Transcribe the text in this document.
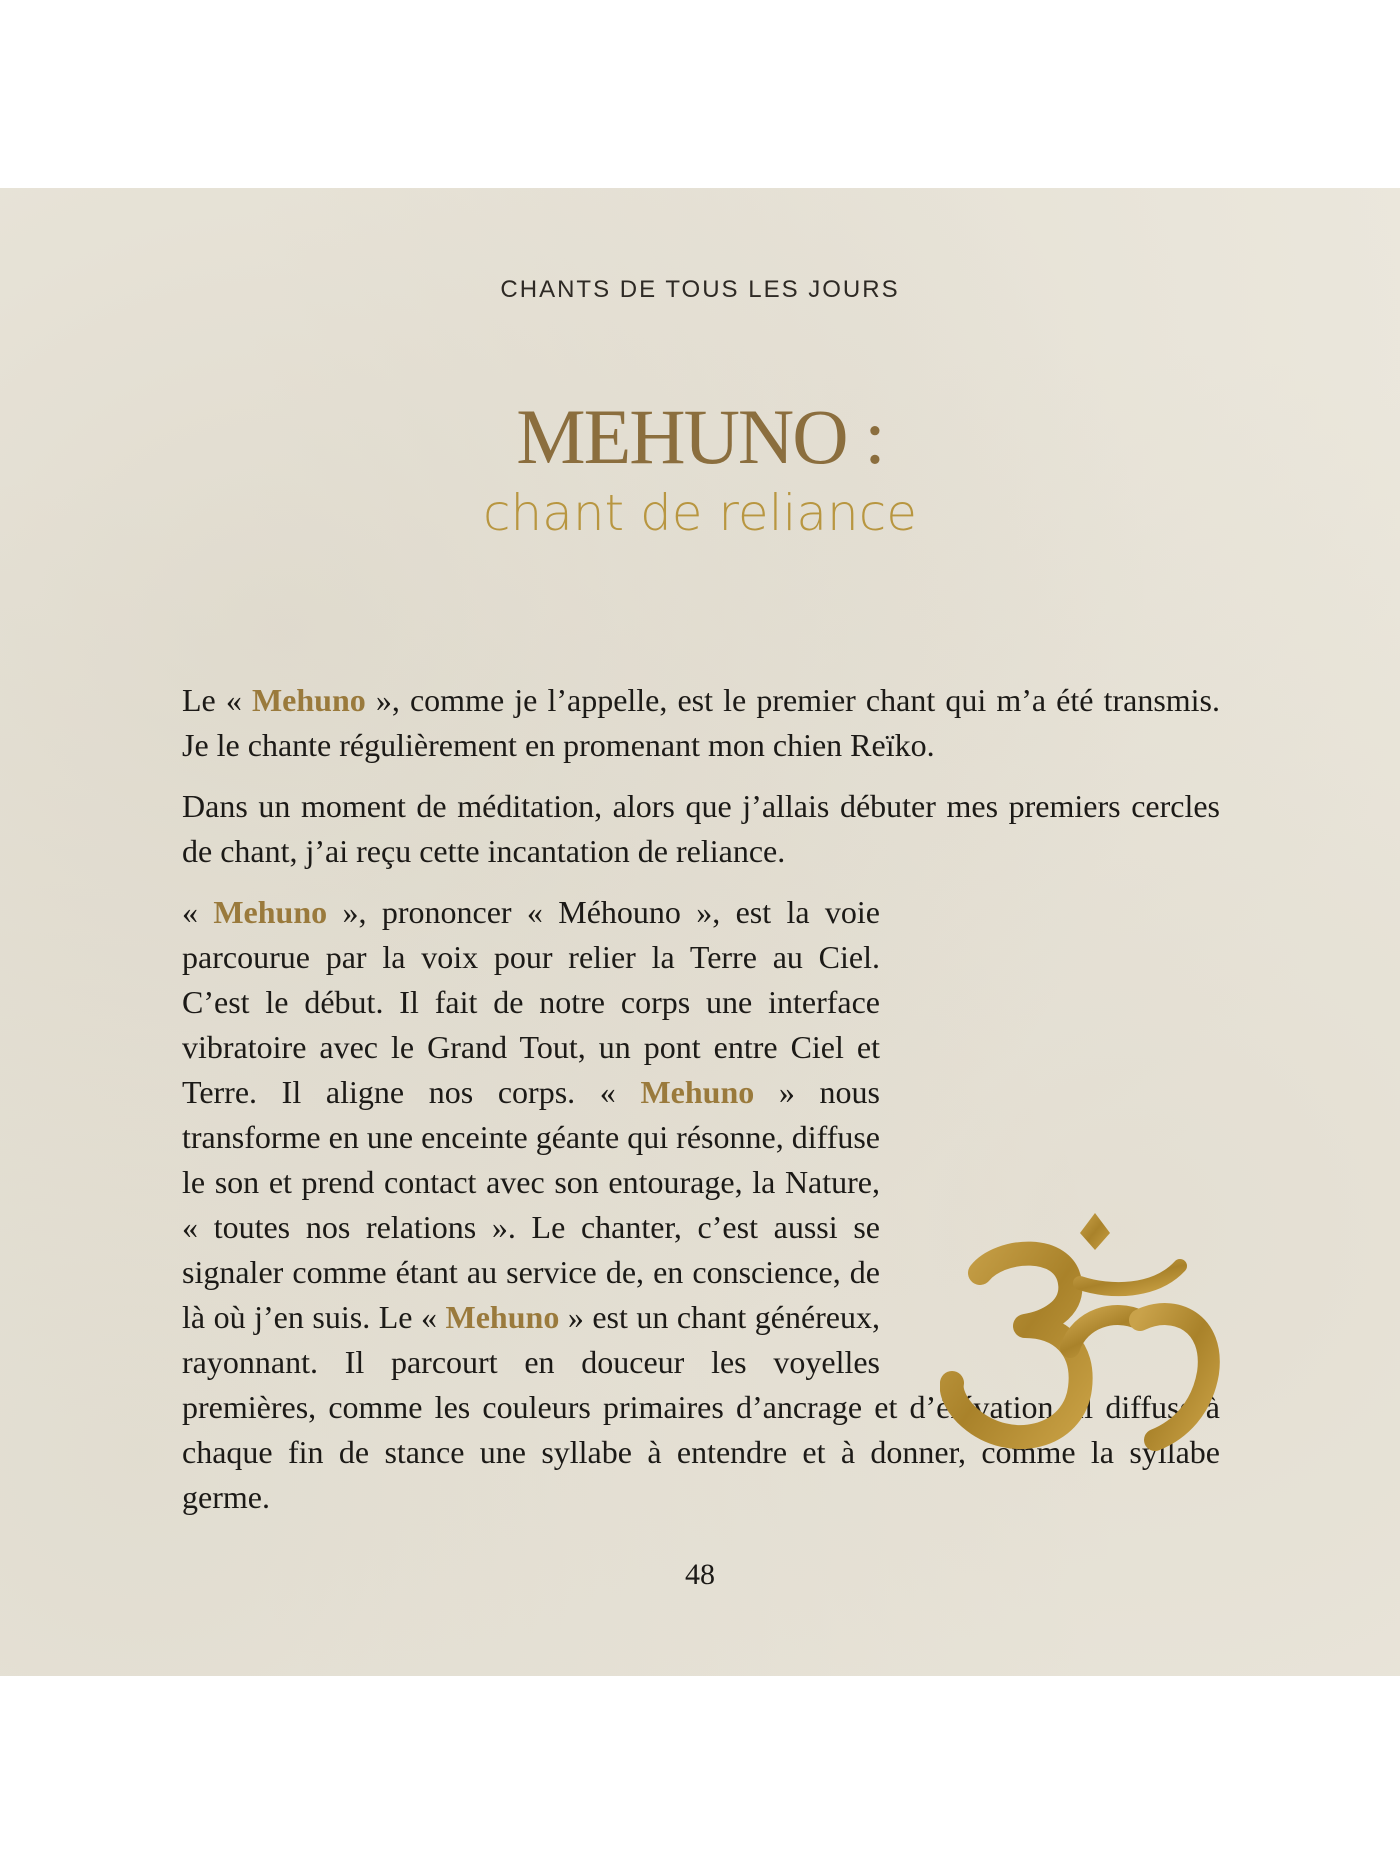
CHANTS DE TOUS LES JOURS
MEHUNO :
chant de reliance

Le « Mehuno », comme je l’appelle, est le premier chant qui m’a été transmis. Je le chante régulièrement en promenant mon chien Reïko.

Dans un moment de méditation, alors que j’allais débuter mes premiers cercles de chant, j’ai reçu cette incantation de reliance.

« Mehuno », prononcer « Méhouno », est la voie parcourue par la voix pour relier la Terre au Ciel. C’est le début. Il fait de notre corps une interface vibratoire avec le Grand Tout, un pont entre Ciel et Terre. Il aligne nos corps. « Mehuno » nous transforme en une enceinte géante qui résonne, diffuse le son et prend contact avec son entourage, la Nature, « toutes nos relations ». Le chanter, c’est aussi se signaler comme étant au service de, en conscience, de là où j’en suis. Le « Mehuno » est un chant généreux, rayonnant. Il parcourt en douceur les voyelles premières, comme les couleurs primaires d’ancrage et d’élévation. Il diffuse à chaque fin de stance une syllabe à entendre et à donner, comme la syllabe germe.

48
